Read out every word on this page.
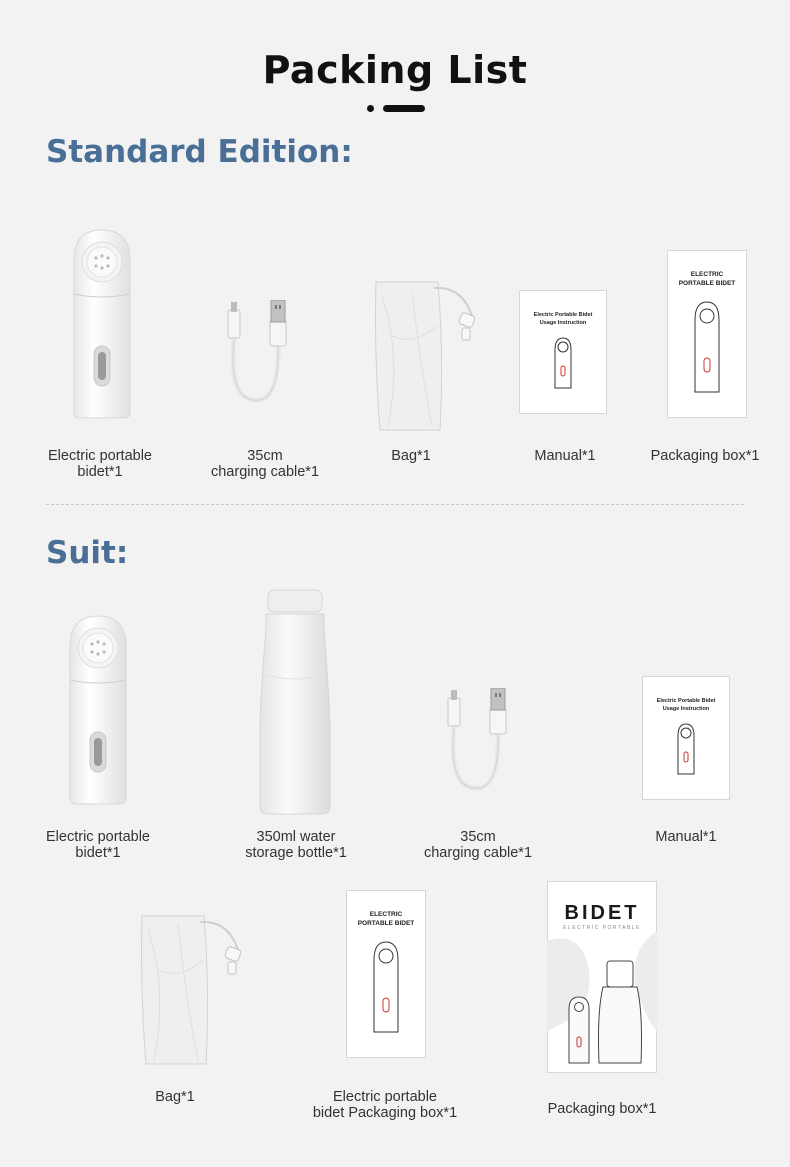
Packing List
Standard Edition:
Electric portable
bidet*1
35cm
charging cable*1
Bag*1
Electric Portable Bidet
Usage Instruction
Manual*1
ELECTRIC
PORTABLE BIDET
Packaging box*1
Suit:
Electric portable
bidet*1
350ml water
storage bottle*1
35cm
charging cable*1
Electric Portable Bidet
Usage Instruction
Manual*1
Bag*1
ELECTRIC
PORTABLE BIDET
Electric portable
bidet Packaging box*1
BIDET
ELECTRIC PORTABLE
Packaging box*1
